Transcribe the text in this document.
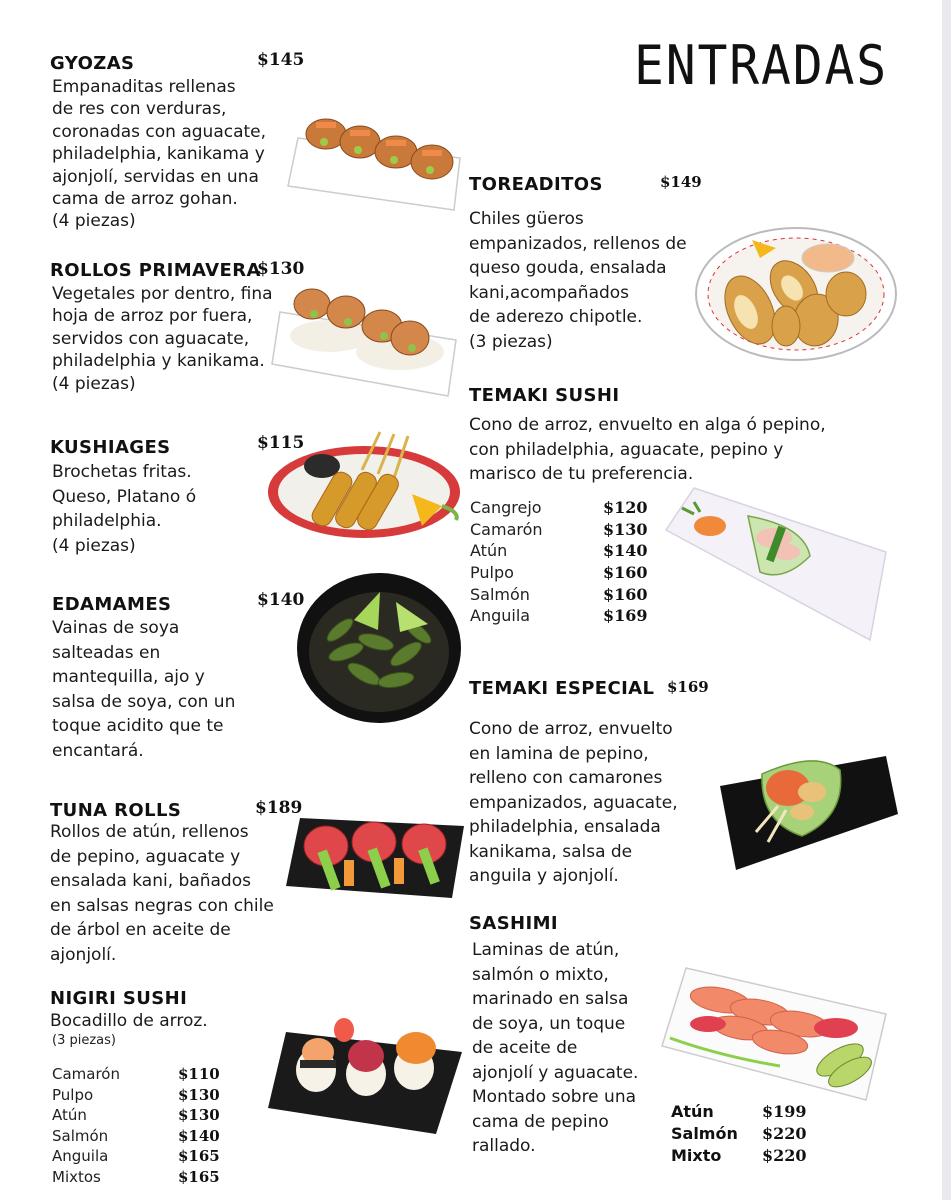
ENTRADAS
GYOZAS	$145
Empanaditas rellenas
de res con verduras,
coronadas con aguacate,
philadelphia, kanikama y
ajonjolí, servidas en una
cama de arroz gohan.
(4 piezas)
ROLLOS PRIMAVERA
$130
Vegetales por dentro, fina
hoja de arroz por fuera,
servidos con aguacate,
philadelphia y kanikama.
(4 piezas)
KUSHIAGES	$115
Brochetas fritas.
Queso, Platano ó
philadelphia.
(4 piezas)
EDAMAMES	$140
Vainas de soya
salteadas en
mantequilla, ajo y
salsa de soya, con un
toque acidito que te
encantará.
TUNA ROLLS	$189
Rollos de atún, rellenos
de pepino, aguacate y
ensalada kani, bañados
en salsas negras con chile
de árbol en aceite de
ajonjolí.
NIGIRI SUSHI
Bocadillo de arroz.
(3 piezas)
Camarón	$110
Pulpo	$130
Atún	$130
Salmón	$140
Anguila	$165
Mixtos	$165
TOREADITOS	$149
Chiles güeros
empanizados, rellenos de
queso gouda, ensalada
kani,acompañados
de aderezo chipotle.
(3 piezas)
TEMAKI SUSHI
Cono de arroz, envuelto en alga ó pepino,
con philadelphia, aguacate, pepino y
marisco de tu preferencia.
Cangrejo	$120
Camarón	$130
Atún	$140
Pulpo	$160
Salmón	$160
Anguila	$169
TEMAKI ESPECIAL $169
Cono de arroz, envuelto
en lamina de pepino,
relleno con camarones
empanizados, aguacate,
philadelphia, ensalada
kanikama, salsa de
anguila y ajonjolí.
SASHIMI
Laminas de atún,
salmón o mixto,
marinado en salsa
de soya, un toque
de aceite de
ajonjolí y aguacate.
Montado sobre una
cama de pepino
rallado.
Atún	$199
Salmón	$220
Mixto	$220
